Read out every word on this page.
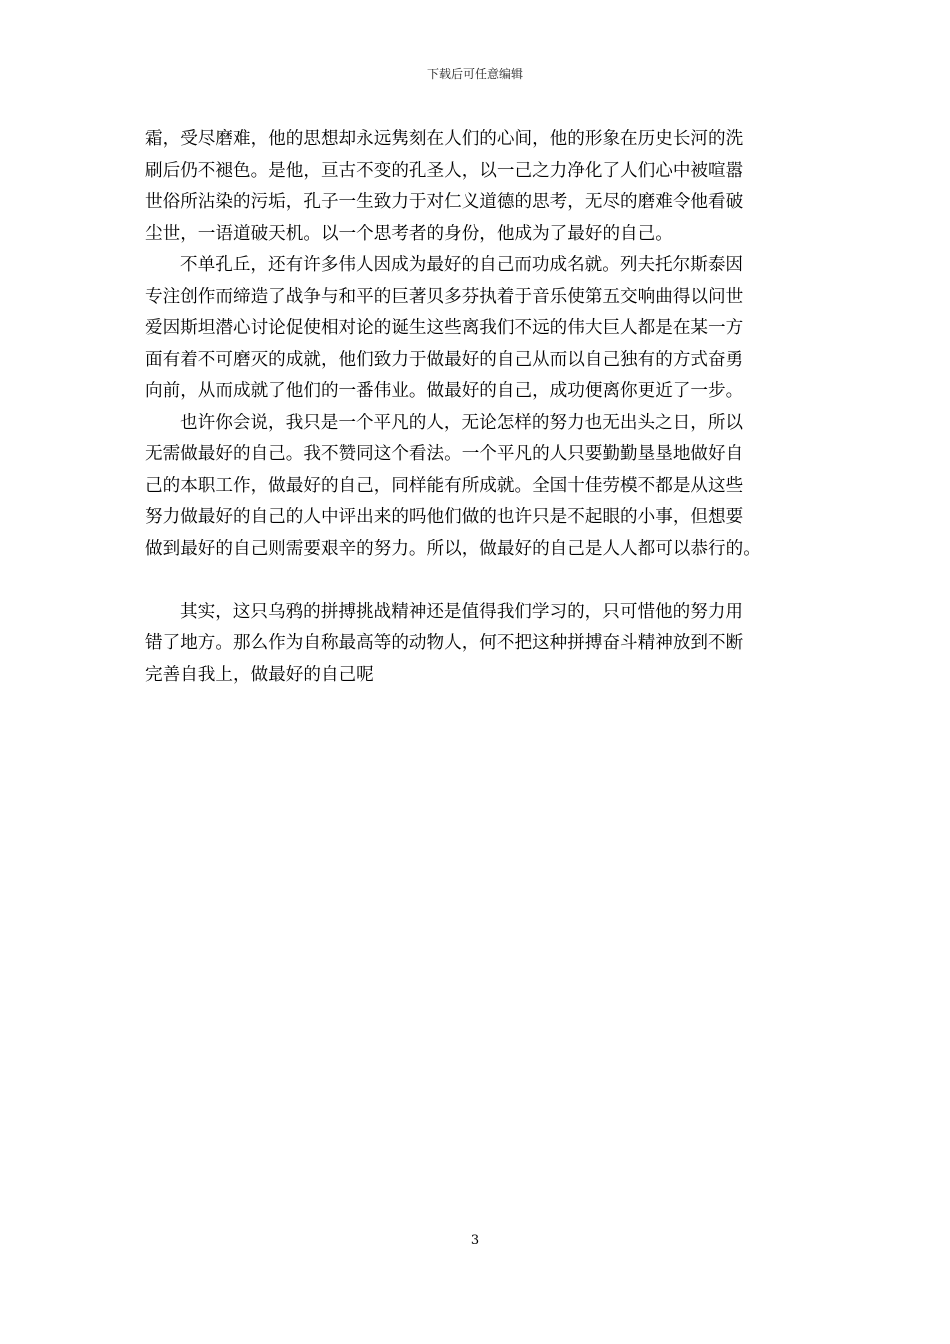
下载后可任意编辑

霜，受尽磨难，他的思想却永远隽刻在人们的心间，他的形象在历史长河的洗
刷后仍不褪色。是他，亘古不变的孔圣人，以一己之力净化了人们心中被喧嚣
世俗所沾染的污垢，孔子一生致力于对仁义道德的思考，无尽的磨难令他看破
尘世，一语道破天机。以一个思考者的身份，他成为了最好的自己。

不单孔丘，还有许多伟人因成为最好的自己而功成名就。列夫托尔斯泰因
专注创作而缔造了战争与和平的巨著贝多芬执着于音乐使第五交响曲得以问世
爱因斯坦潜心讨论促使相对论的诞生这些离我们不远的伟大巨人都是在某一方
面有着不可磨灭的成就，他们致力于做最好的自己从而以自己独有的方式奋勇
向前，从而成就了他们的一番伟业。做最好的自己，成功便离你更近了一步。

也许你会说，我只是一个平凡的人，无论怎样的努力也无出头之日，所以
无需做最好的自己。我不赞同这个看法。一个平凡的人只要勤勤垦垦地做好自
己的本职工作，做最好的自己，同样能有所成就。全国十佳劳模不都是从这些
努力做最好的自己的人中评出来的吗他们做的也许只是不起眼的小事，但想要
做到最好的自己则需要艰辛的努力。所以，做最好的自己是人人都可以恭行的。

其实，这只乌鸦的拼搏挑战精神还是值得我们学习的，只可惜他的努力用
错了地方。那么作为自称最高等的动物人，何不把这种拼搏奋斗精神放到不断
完善自我上，做最好的自己呢

3
